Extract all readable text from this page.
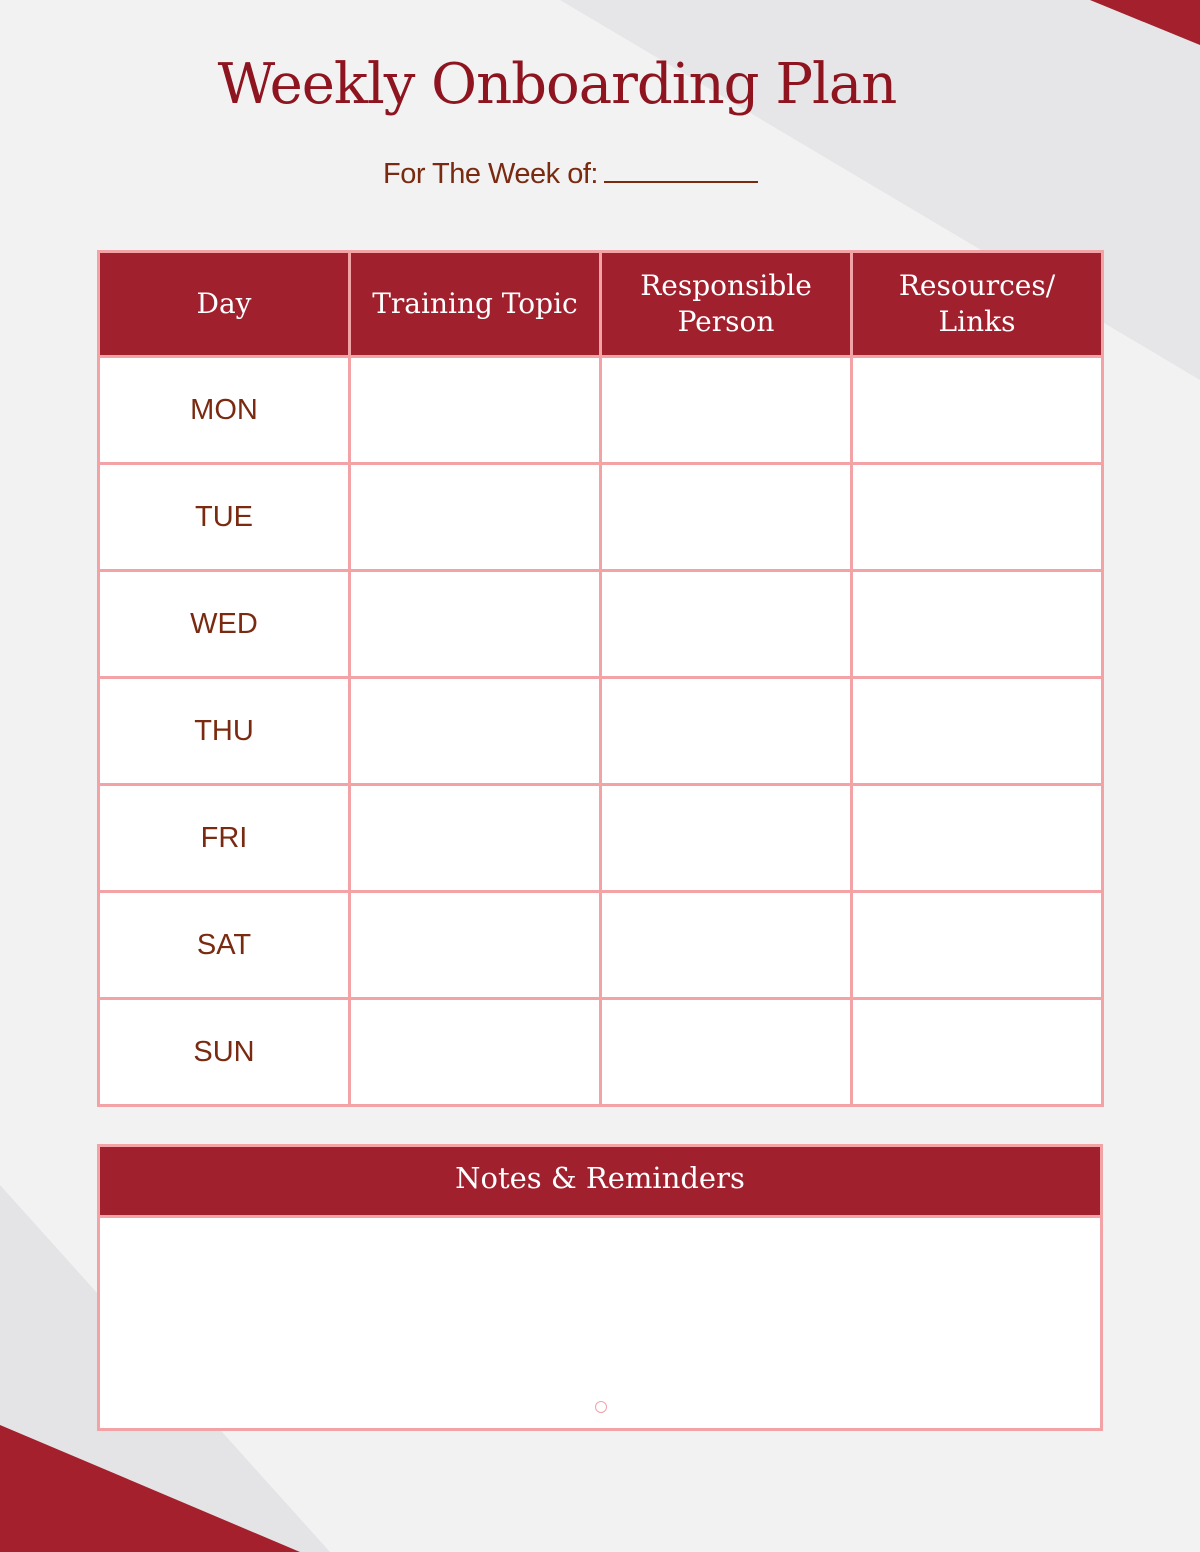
Weekly Onboarding Plan
For The Week of:
Day	Training Topic	Responsible Person	Resources/ Links
MON			
TUE			
WED			
THU			
FRI			
SAT			
SUN			
Notes & Reminders
